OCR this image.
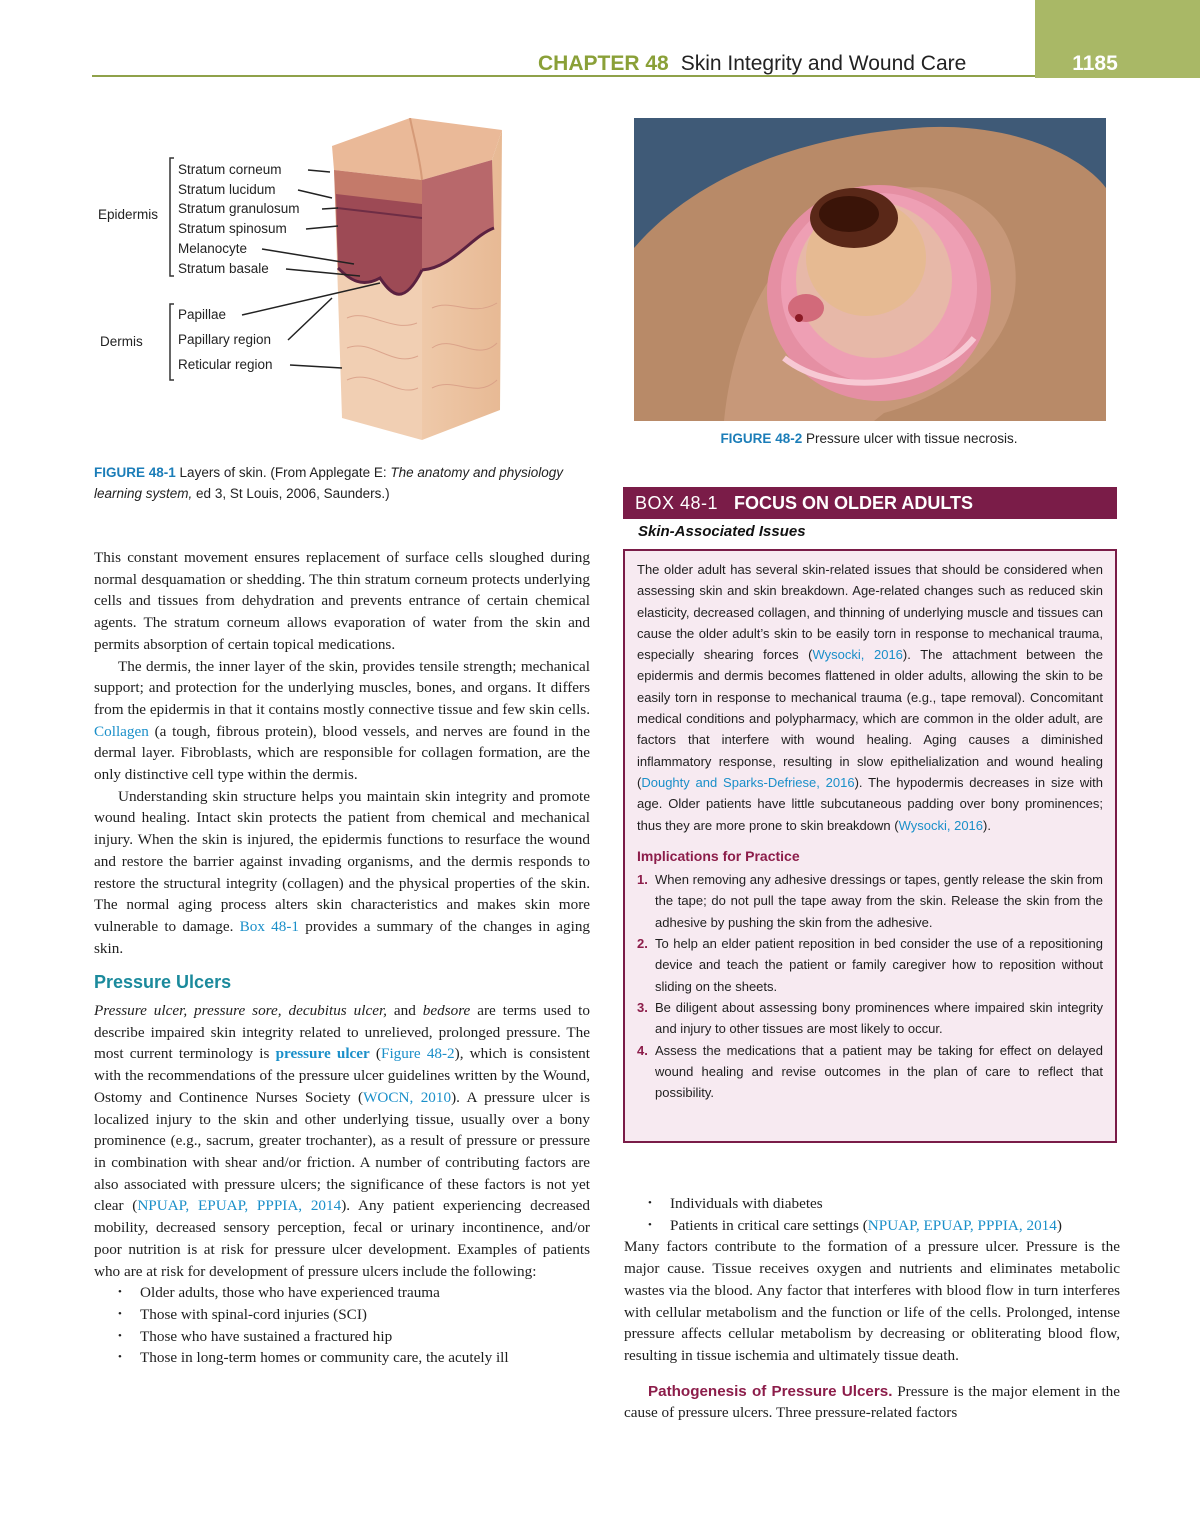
CHAPTER 48 Skin Integrity and Wound Care	1185
Epidermis
Dermis
Stratum corneum
Stratum lucidum
Stratum granulosum
Stratum spinosum
Melanocyte
Stratum basale
Papillae
Papillary region
Reticular region
FIGURE 48-1 Layers of skin. (From Applegate E: The anatomy and physiology learning system, ed 3, St Louis, 2006, Saunders.)
FIGURE 48-2 Pressure ulcer with tissue necrosis.

This constant movement ensures replacement of surface cells sloughed during normal desquamation or shedding. The thin stratum corneum protects underlying cells and tissues from dehydration and prevents entrance of certain chemical agents. The stratum corneum allows evaporation of water from the skin and permits absorption of certain topical medications.

The dermis, the inner layer of the skin, provides tensile strength; mechanical support; and protection for the underlying muscles, bones, and organs. It differs from the epidermis in that it contains mostly connective tissue and few skin cells. Collagen (a tough, fibrous protein), blood vessels, and nerves are found in the dermal layer. Fibroblasts, which are responsible for collagen formation, are the only distinctive cell type within the dermis.

Understanding skin structure helps you maintain skin integrity and promote wound healing. Intact skin protects the patient from chemical and mechanical injury. When the skin is injured, the epidermis functions to resurface the wound and restore the barrier against invading organisms, and the dermis responds to restore the structural integrity (collagen) and the physical properties of the skin. The normal aging process alters skin characteristics and makes skin more vulnerable to damage. Box 48-1 provides a summary of the changes in aging skin.

Pressure Ulcers

Pressure ulcer, pressure sore, decubitus ulcer, and bedsore are terms used to describe impaired skin integrity related to unrelieved, prolonged pressure. The most current terminology is pressure ulcer (Figure 48-2), which is consistent with the recommendations of the pressure ulcer guidelines written by the Wound, Ostomy and Continence Nurses Society (WOCN, 2010). A pressure ulcer is localized injury to the skin and other underlying tissue, usually over a bony prominence (e.g., sacrum, greater trochanter), as a result of pressure or pressure in combination with shear and/or friction. A number of contributing factors are also associated with pressure ulcers; the significance of these factors is not yet clear (NPUAP, EPUAP, PPPIA, 2014). Any patient experiencing decreased mobility, decreased sensory perception, fecal or urinary incontinence, and/or poor nutrition is at risk for pressure ulcer development. Examples of patients who are at risk for development of pressure ulcers include the following:

• Older adults, those who have experienced trauma
• Those with spinal-cord injuries (SCI)
• Those who have sustained a fractured hip
• Those in long-term homes or community care, the acutely ill
BOX 48-1 FOCUS ON OLDER ADULTS
Skin-Associated Issues

The older adult has several skin-related issues that should be considered when assessing skin and skin breakdown. Age-related changes such as reduced skin elasticity, decreased collagen, and thinning of underlying muscle and tissues can cause the older adult’s skin to be easily torn in response to mechanical trauma, especially shearing forces (Wysocki, 2016). The attachment between the epidermis and dermis becomes flattened in older adults, allowing the skin to be easily torn in response to mechanical trauma (e.g., tape removal). Concomitant medical conditions and polypharmacy, which are common in the older adult, are factors that interfere with wound healing. Aging causes a diminished inflammatory response, resulting in slow epithelialization and wound healing (Doughty and Sparks-Defriese, 2016). The hypodermis decreases in size with age. Older patients have little subcutaneous padding over bony prominences; thus they are more prone to skin breakdown (Wysocki, 2016).

Implications for Practice
1. When removing any adhesive dressings or tapes, gently release the skin from the tape; do not pull the tape away from the skin. Release the skin from the adhesive by pushing the skin from the adhesive.
2. To help an elder patient reposition in bed consider the use of a repositioning device and teach the patient or family caregiver how to reposition without sliding on the sheets.
3. Be diligent about assessing bony prominences where impaired skin integrity and injury to other tissues are most likely to occur.
4. Assess the medications that a patient may be taking for effect on delayed wound healing and revise outcomes in the plan of care to reflect that possibility.
• Individuals with diabetes
• Patients in critical care settings (NPUAP, EPUAP, PPPIA, 2014)

Many factors contribute to the formation of a pressure ulcer. Pressure is the major cause. Tissue receives oxygen and nutrients and eliminates metabolic wastes via the blood. Any factor that interferes with blood flow in turn interferes with cellular metabolism and the function or life of the cells. Prolonged, intense pressure affects cellular metabolism by decreasing or obliterating blood flow, resulting in tissue ischemia and ultimately tissue death.

Pathogenesis of Pressure Ulcers. Pressure is the major element in the cause of pressure ulcers. Three pressure-related factors
